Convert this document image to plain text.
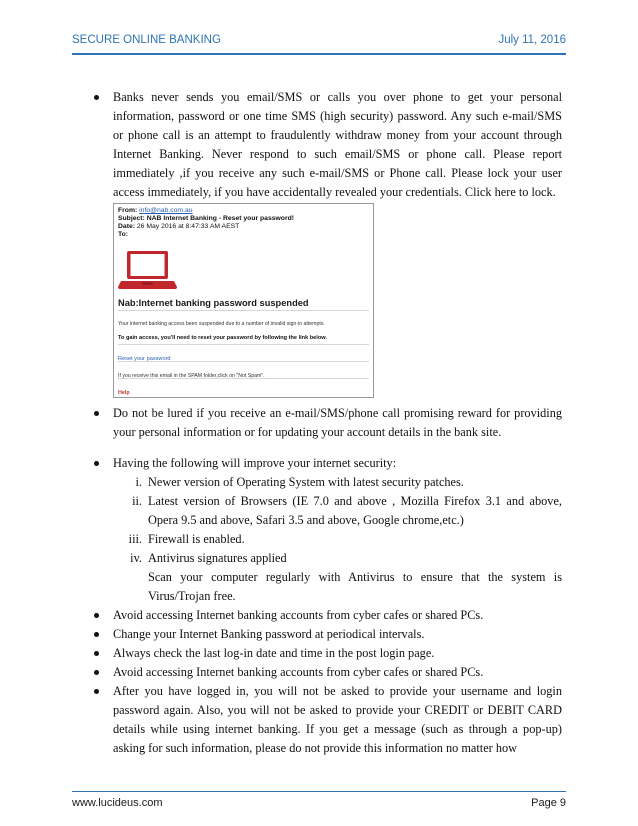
SECURE ONLINE BANKING	July 11, 2016
Banks never sends you email/SMS or calls you over phone to get your personal information, password or one time SMS (high security) password. Any such e-mail/SMS or phone call is an attempt to fraudulently withdraw money from your account through Internet Banking. Never respond to such email/SMS or phone call. Please report immediately ,if you receive any such e-mail/SMS or Phone call. Please lock your user access immediately, if you have accidentally revealed your credentials. Click here to lock.
From: info@nab.com.au
Subject: NAB Internet Banking - Reset your password!
Date: 26 May 2016 at 8:47:33 AM AEST
To:
Nab:Internet banking password suspended
Your internet banking access been suspended due to a number of invalid sign-in attempts.
To gain access, you'll need to reset your password by following the link below.
Reset your password
If you receive this email in the SPAM folder,click on "Not Spam".
Help
Do not be lured if you receive an e-mail/SMS/phone call promising reward for providing your personal information or for updating your account details in the bank site.
Having the following will improve your internet security:
i. Newer version of Operating System with latest security patches.
ii. Latest version of Browsers (IE 7.0 and above , Mozilla Firefox 3.1 and above, Opera 9.5 and above, Safari 3.5 and above, Google chrome,etc.)
iii. Firewall is enabled.
iv. Antivirus signatures applied
Scan your computer regularly with Antivirus to ensure that the system is Virus/Trojan free.
Avoid accessing Internet banking accounts from cyber cafes or shared PCs.
Change your Internet Banking password at periodical intervals.
Always check the last log-in date and time in the post login page.
Avoid accessing Internet banking accounts from cyber cafes or shared PCs.
After you have logged in, you will not be asked to provide your username and login password again. Also, you will not be asked to provide your CREDIT or DEBIT CARD details while using internet banking. If you get a message (such as through a pop-up) asking for such information, please do not provide this information no matter how
www.lucideus.com	Page 9
